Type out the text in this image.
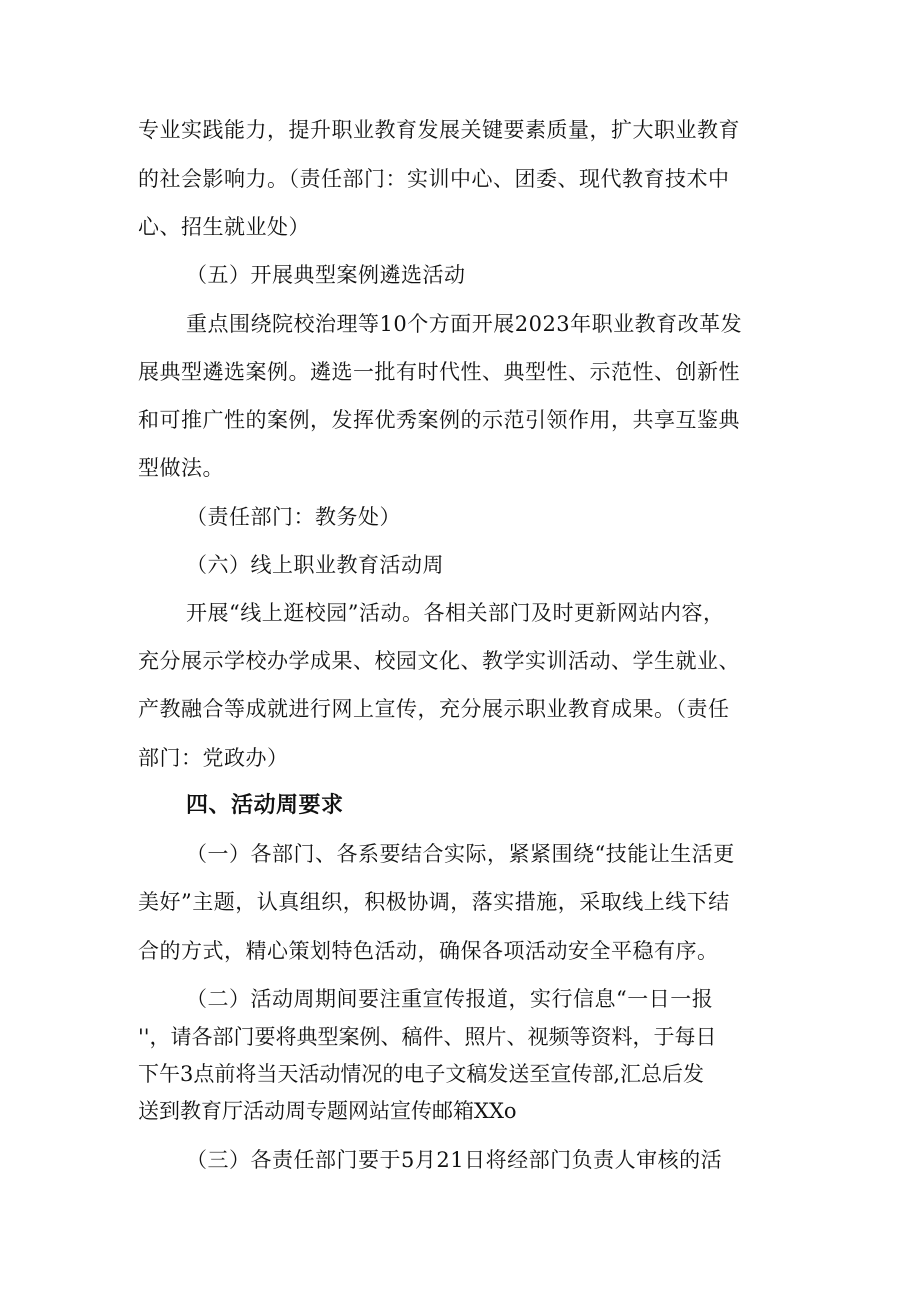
专业实践能力，提升职业教育发展关键要素质量，扩大职业教育
的社会影响力。（责任部门：实训中心、团委、现代教育技术中
心、招生就业处）
（五）开展典型案例遴选活动
重点围绕院校治理等10个方面开展2023年职业教育改革发
展典型遴选案例。遴选一批有时代性、典型性、示范性、创新性
和可推广性的案例，发挥优秀案例的示范引领作用，共享互鉴典
型做法。
（责任部门：教务处）
（六）线上职业教育活动周
开展“线上逛校园”活动。各相关部门及时更新网站内容，
充分展示学校办学成果、校园文化、教学实训活动、学生就业、
产教融合等成就进行网上宣传，充分展示职业教育成果。（责任
部门：党政办）
四、活动周要求
（一）各部门、各系要结合实际，紧紧围绕“技能让生活更
美好”主题，认真组织，积极协调，落实措施，采取线上线下结
合的方式，精心策划特色活动，确保各项活动安全平稳有序。
（二）活动周期间要注重宣传报道，实行信息“一日一报
''，请各部门要将典型案例、稿件、照片、视频等资料，于每日
下午3点前将当天活动情况的电子文稿发送至宣传部,汇总后发
送到教育厅活动周专题网站宣传邮箱XXo
（三）各责任部门要于5月21日将经部门负责人审核的活
